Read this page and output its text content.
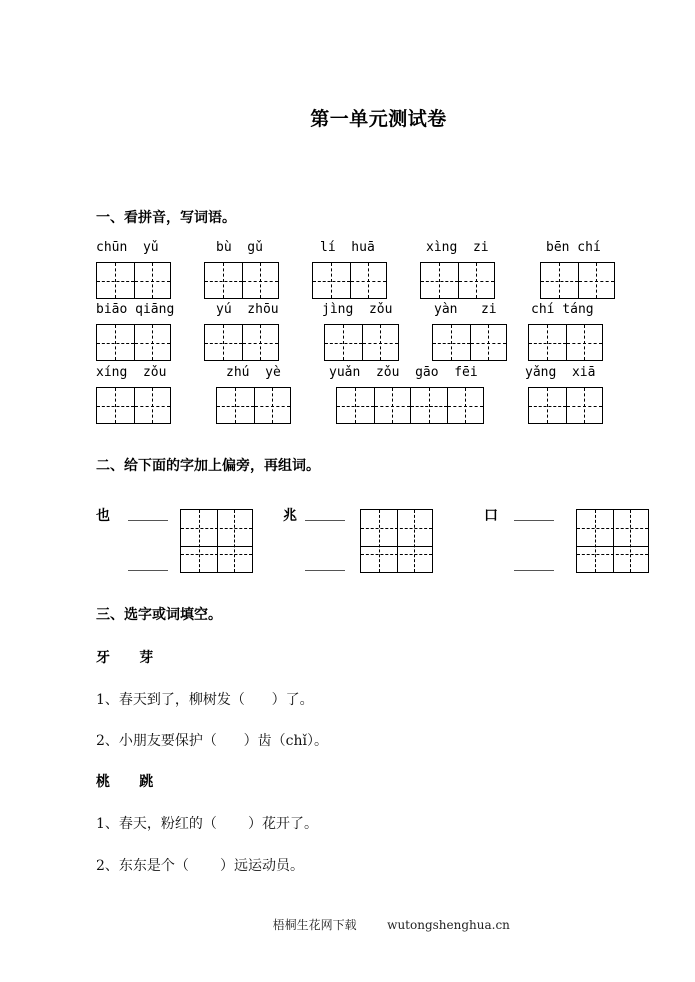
第一单元测试卷
一、看拼音，写词语。
chūn  yǔ	bù  gǔ	lí  huā	xìng  zi	bēn chí
biāo qiāng	yú  zhōu	jìng  zǒu	yàn   zi	chí táng
xíng  zǒu	zhú  yè	yuǎn  zǒu  gāo  fēi	yǎng  xiā
二、给下面的字加上偏旁，再组词。
也	兆	口
三、选字或词填空。
牙      芽
1、春天到了，柳树发（      ）了。
2、小朋友要保护（      ）齿（chǐ）。
桃      跳
1、春天，粉红的（       ）花开了。
2、东东是个（       ）远运动员。

梧桐生花网下载	wutongshenghua.cn
